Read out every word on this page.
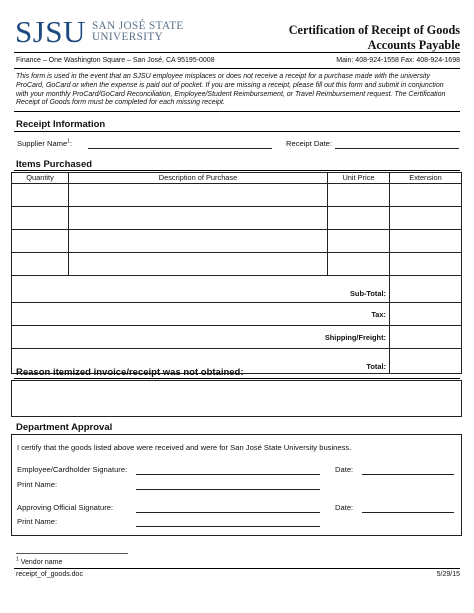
SJSU SAN JOSÉ STATE
UNIVERSITY	Certification of Receipt of Goods
Accounts Payable
Finance – One Washington Square – San José, CA 95195-0008	Main: 408-924-1558 Fax: 408-924-1698
This form is used in the event that an SJSU employee misplaces or does not receive a receipt for a purchase made with the university ProCard, GoCard or when the expense is paid out of pocket. If you are missing a receipt, please fill out this form and submit in conjunction with your monthly ProCard/GoCard Reconciliation, Employee/Student Reimbursement, or Travel Reimbursement request. The Certification Receipt of Goods form must be completed for each missing receipt.
Receipt Information
Supplier Name$^1$:	Receipt Date:
Items Purchased
Quantity	Description of Purchase	Unit Price	Extension

Sub-Total:			
Tax:			
Shipping/Freight:			
Total:			
Reason itemized invoice/receipt was not obtained:
Department Approval
I certify that the goods listed above were received and were for San José State University business.
Employee/Cardholder Signature:	Date:
Print Name:
Approving Official Signature:	Date:
Print Name:
$^1$ Vendor name
receipt_of_goods.doc	5/29/15
